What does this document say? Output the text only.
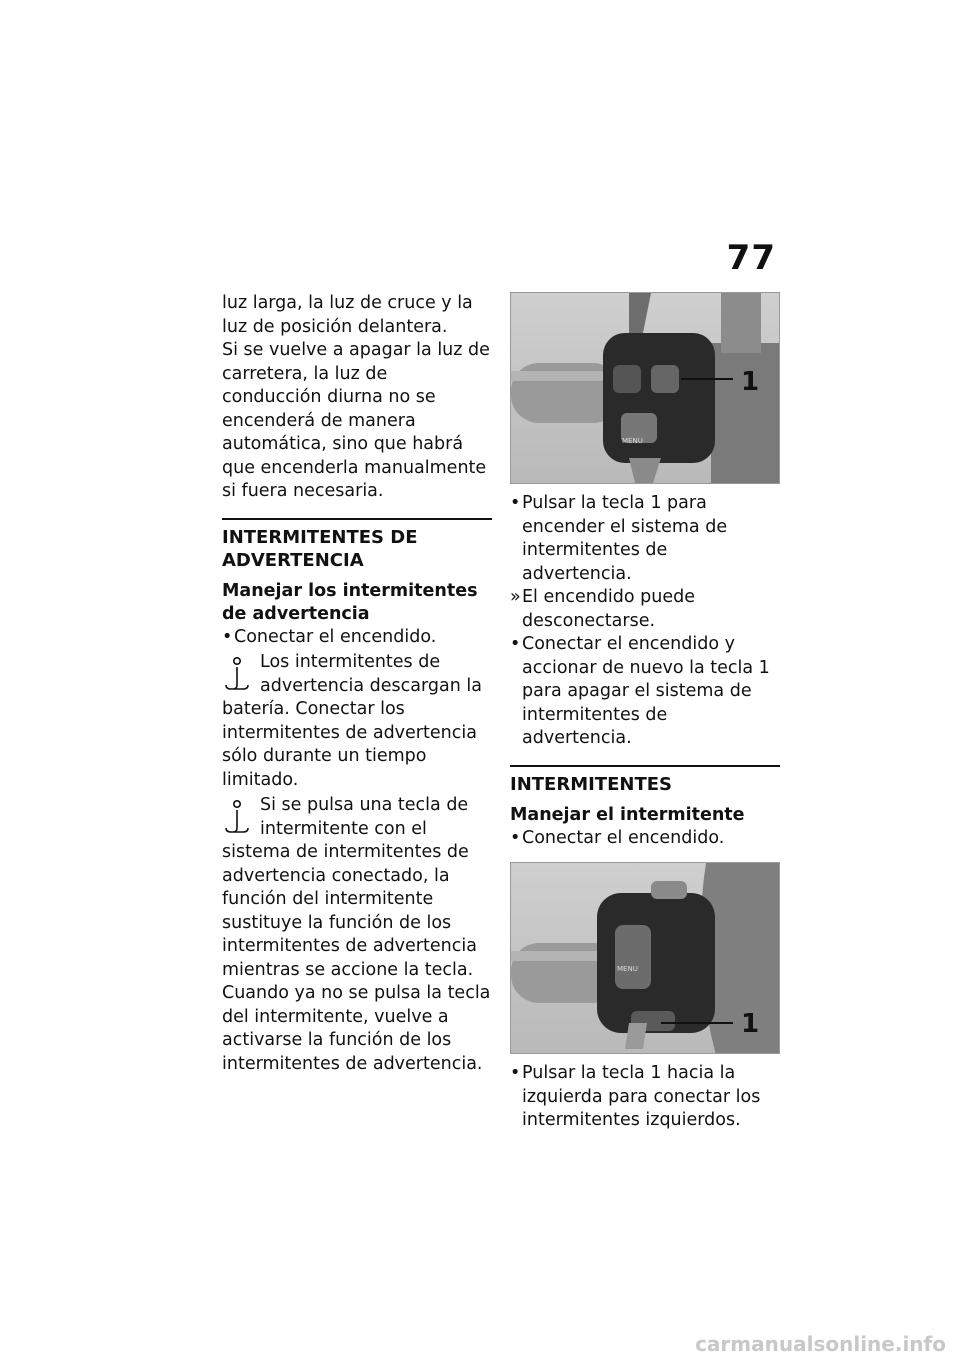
77

luz larga, la luz de cruce y la luz de posición delantera.

Si se vuelve a apagar la luz de carretera, la luz de conducción diurna no se encenderá de manera automática, sino que habrá que encenderla manualmente si fuera necesaria.

INTERMITENTES DE ADVERTENCIA
Manejar los intermitentes de advertencia
• Conectar el encendido.

Los intermitentes de advertencia descargan la batería. Conectar los intermitentes de advertencia sólo durante un tiempo limitado.

Si se pulsa una tecla de intermitente con el sistema de intermitentes de advertencia conectado, la función del intermitente sustituye la función de los intermitentes de advertencia mientras se accione la tecla. Cuando ya no se pulsa la tecla del intermitente, vuelve a activarse la función de los intermitentes de advertencia.

MENU
1
• Pulsar la tecla 1 para encender el sistema de intermitentes de advertencia.
» El encendido puede desconectarse.
• Conectar el encendido y accionar de nuevo la tecla 1 para apagar el sistema de intermitentes de advertencia.
INTERMITENTES
Manejar el intermitente
• Conectar el encendido.
MENU
1
• Pulsar la tecla 1 hacia la izquierda para conectar los intermitentes izquierdos.
carmanualsonline.info
